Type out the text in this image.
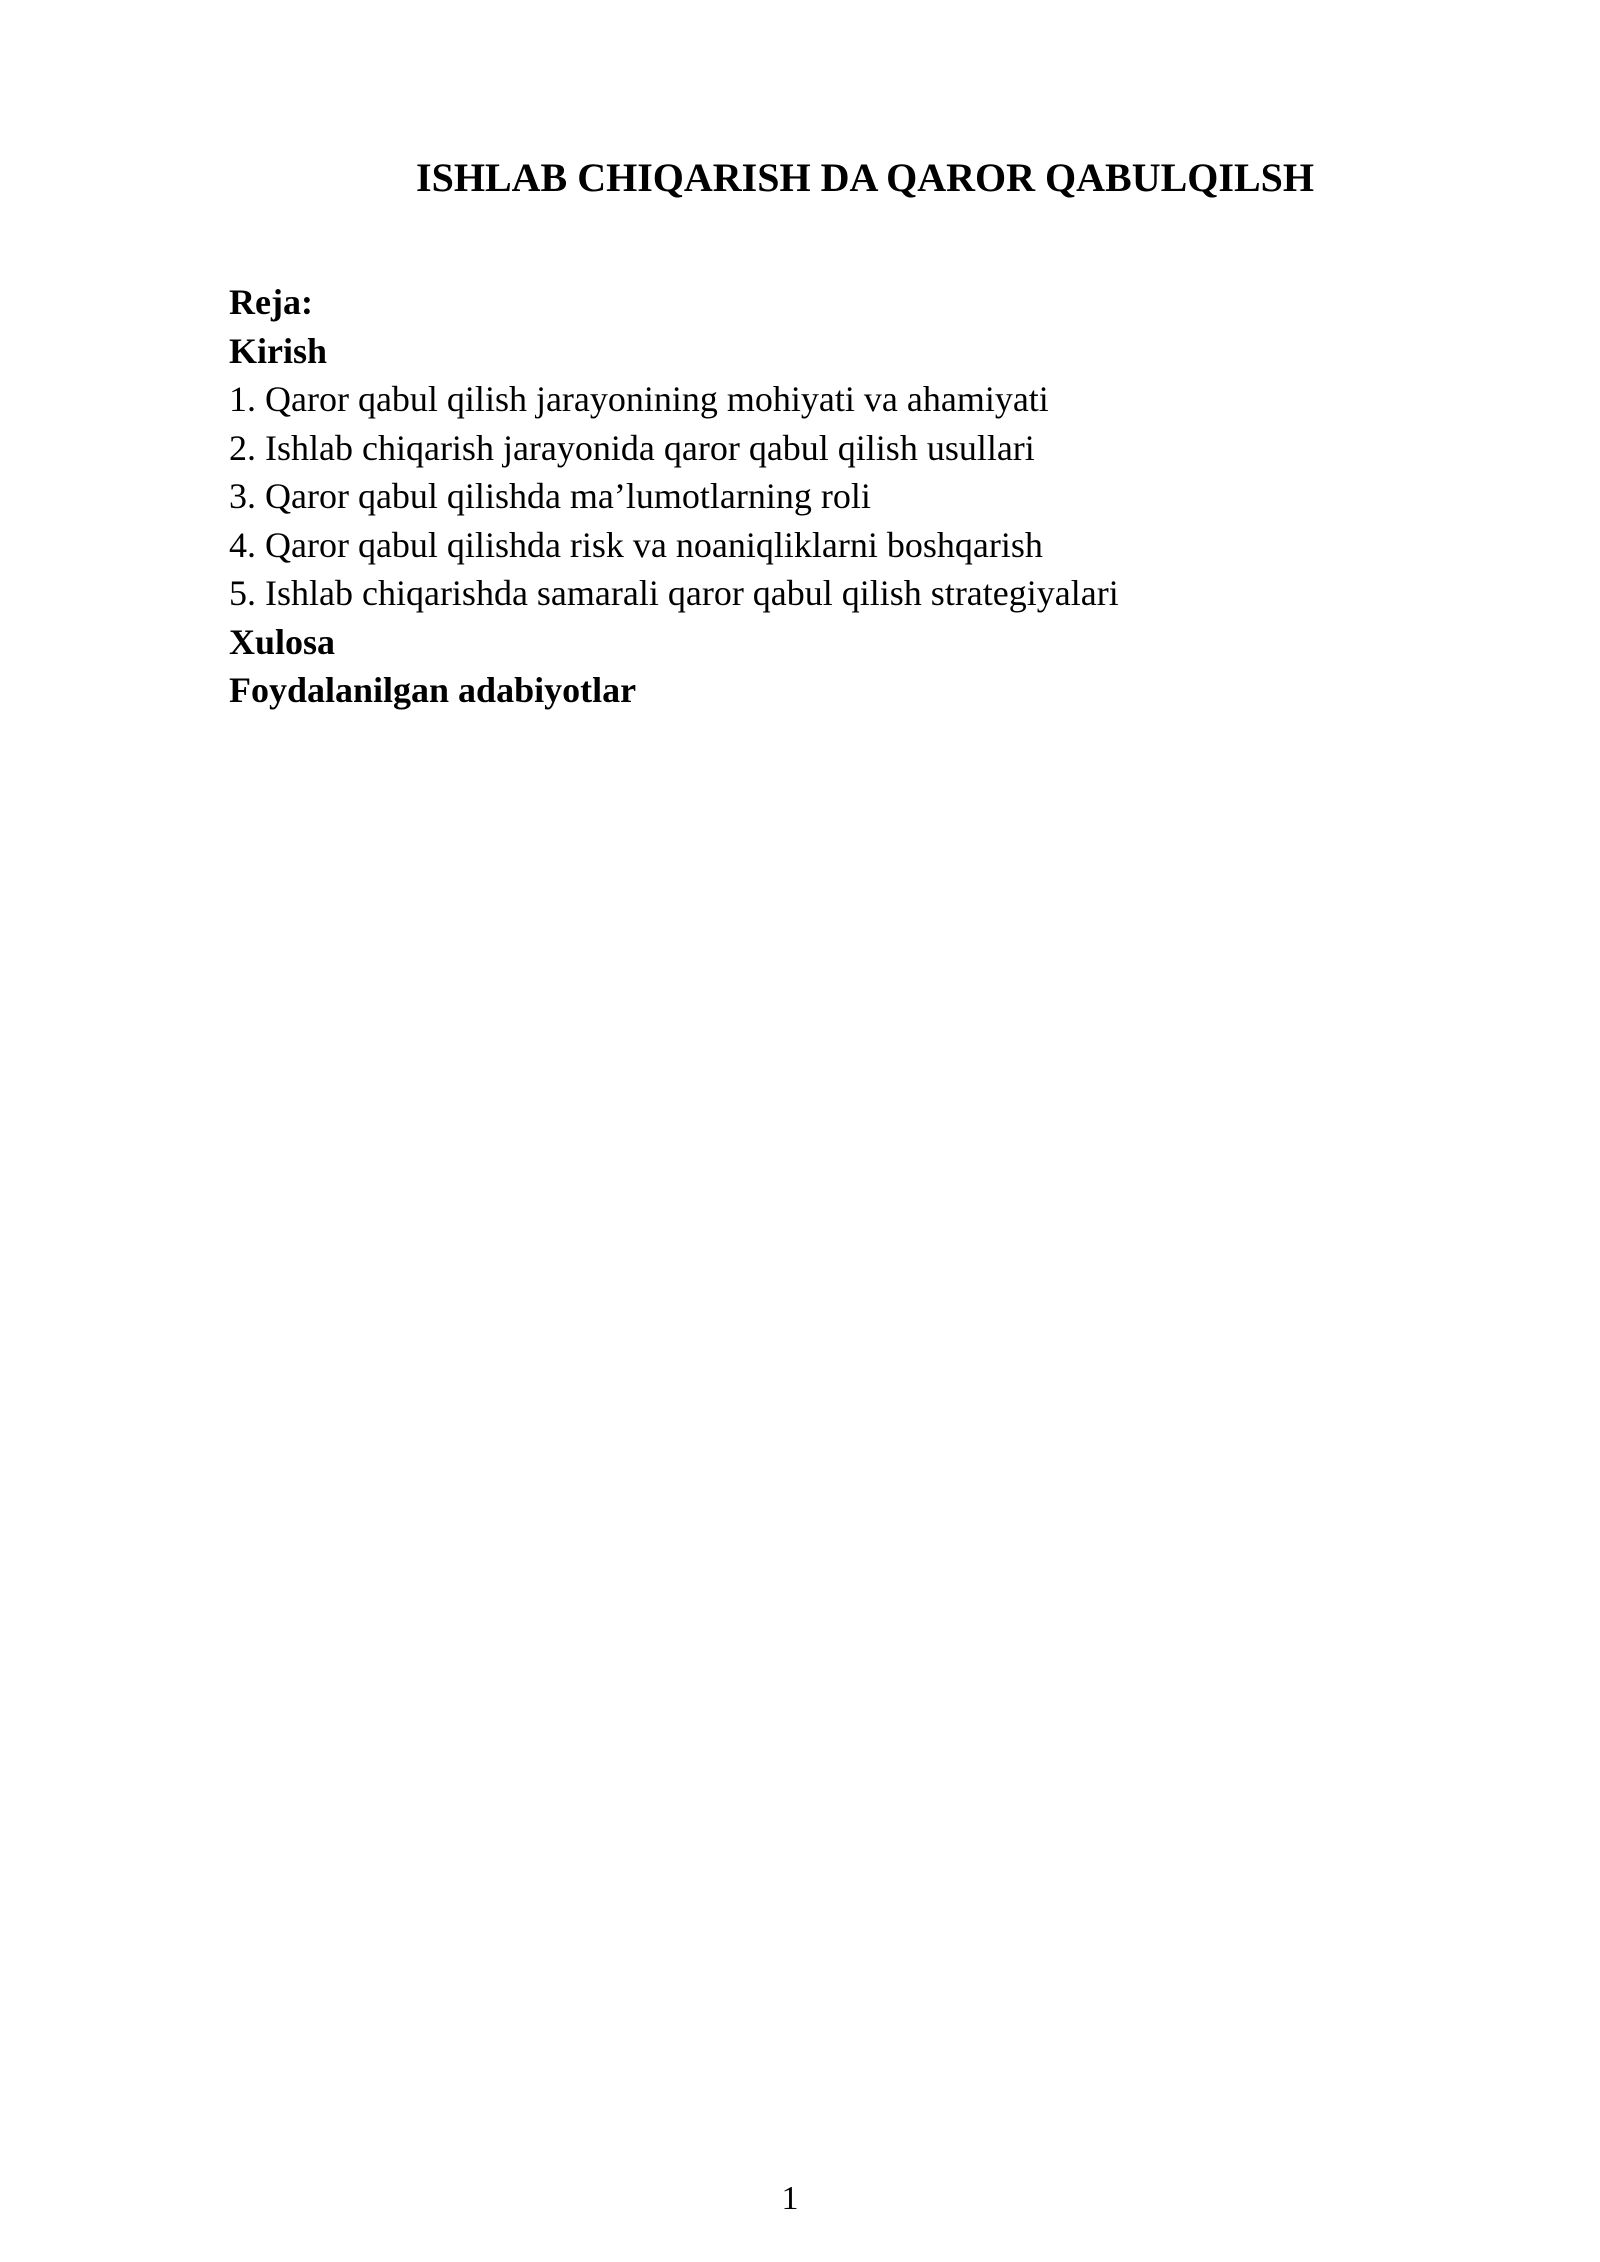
ISHLAB CHIQARISH DA QAROR QABULQILSH

Reja:

Kirish

1. Qaror qabul qilish jarayonining mohiyati va ahamiyati

2. Ishlab chiqarish jarayonida qaror qabul qilish usullari

3. Qaror qabul qilishda ma’lumotlarning roli

4. Qaror qabul qilishda risk va noaniqliklarni boshqarish

5. Ishlab chiqarishda samarali qaror qabul qilish strategiyalari

Xulosa

Foydalanilgan adabiyotlar

1
